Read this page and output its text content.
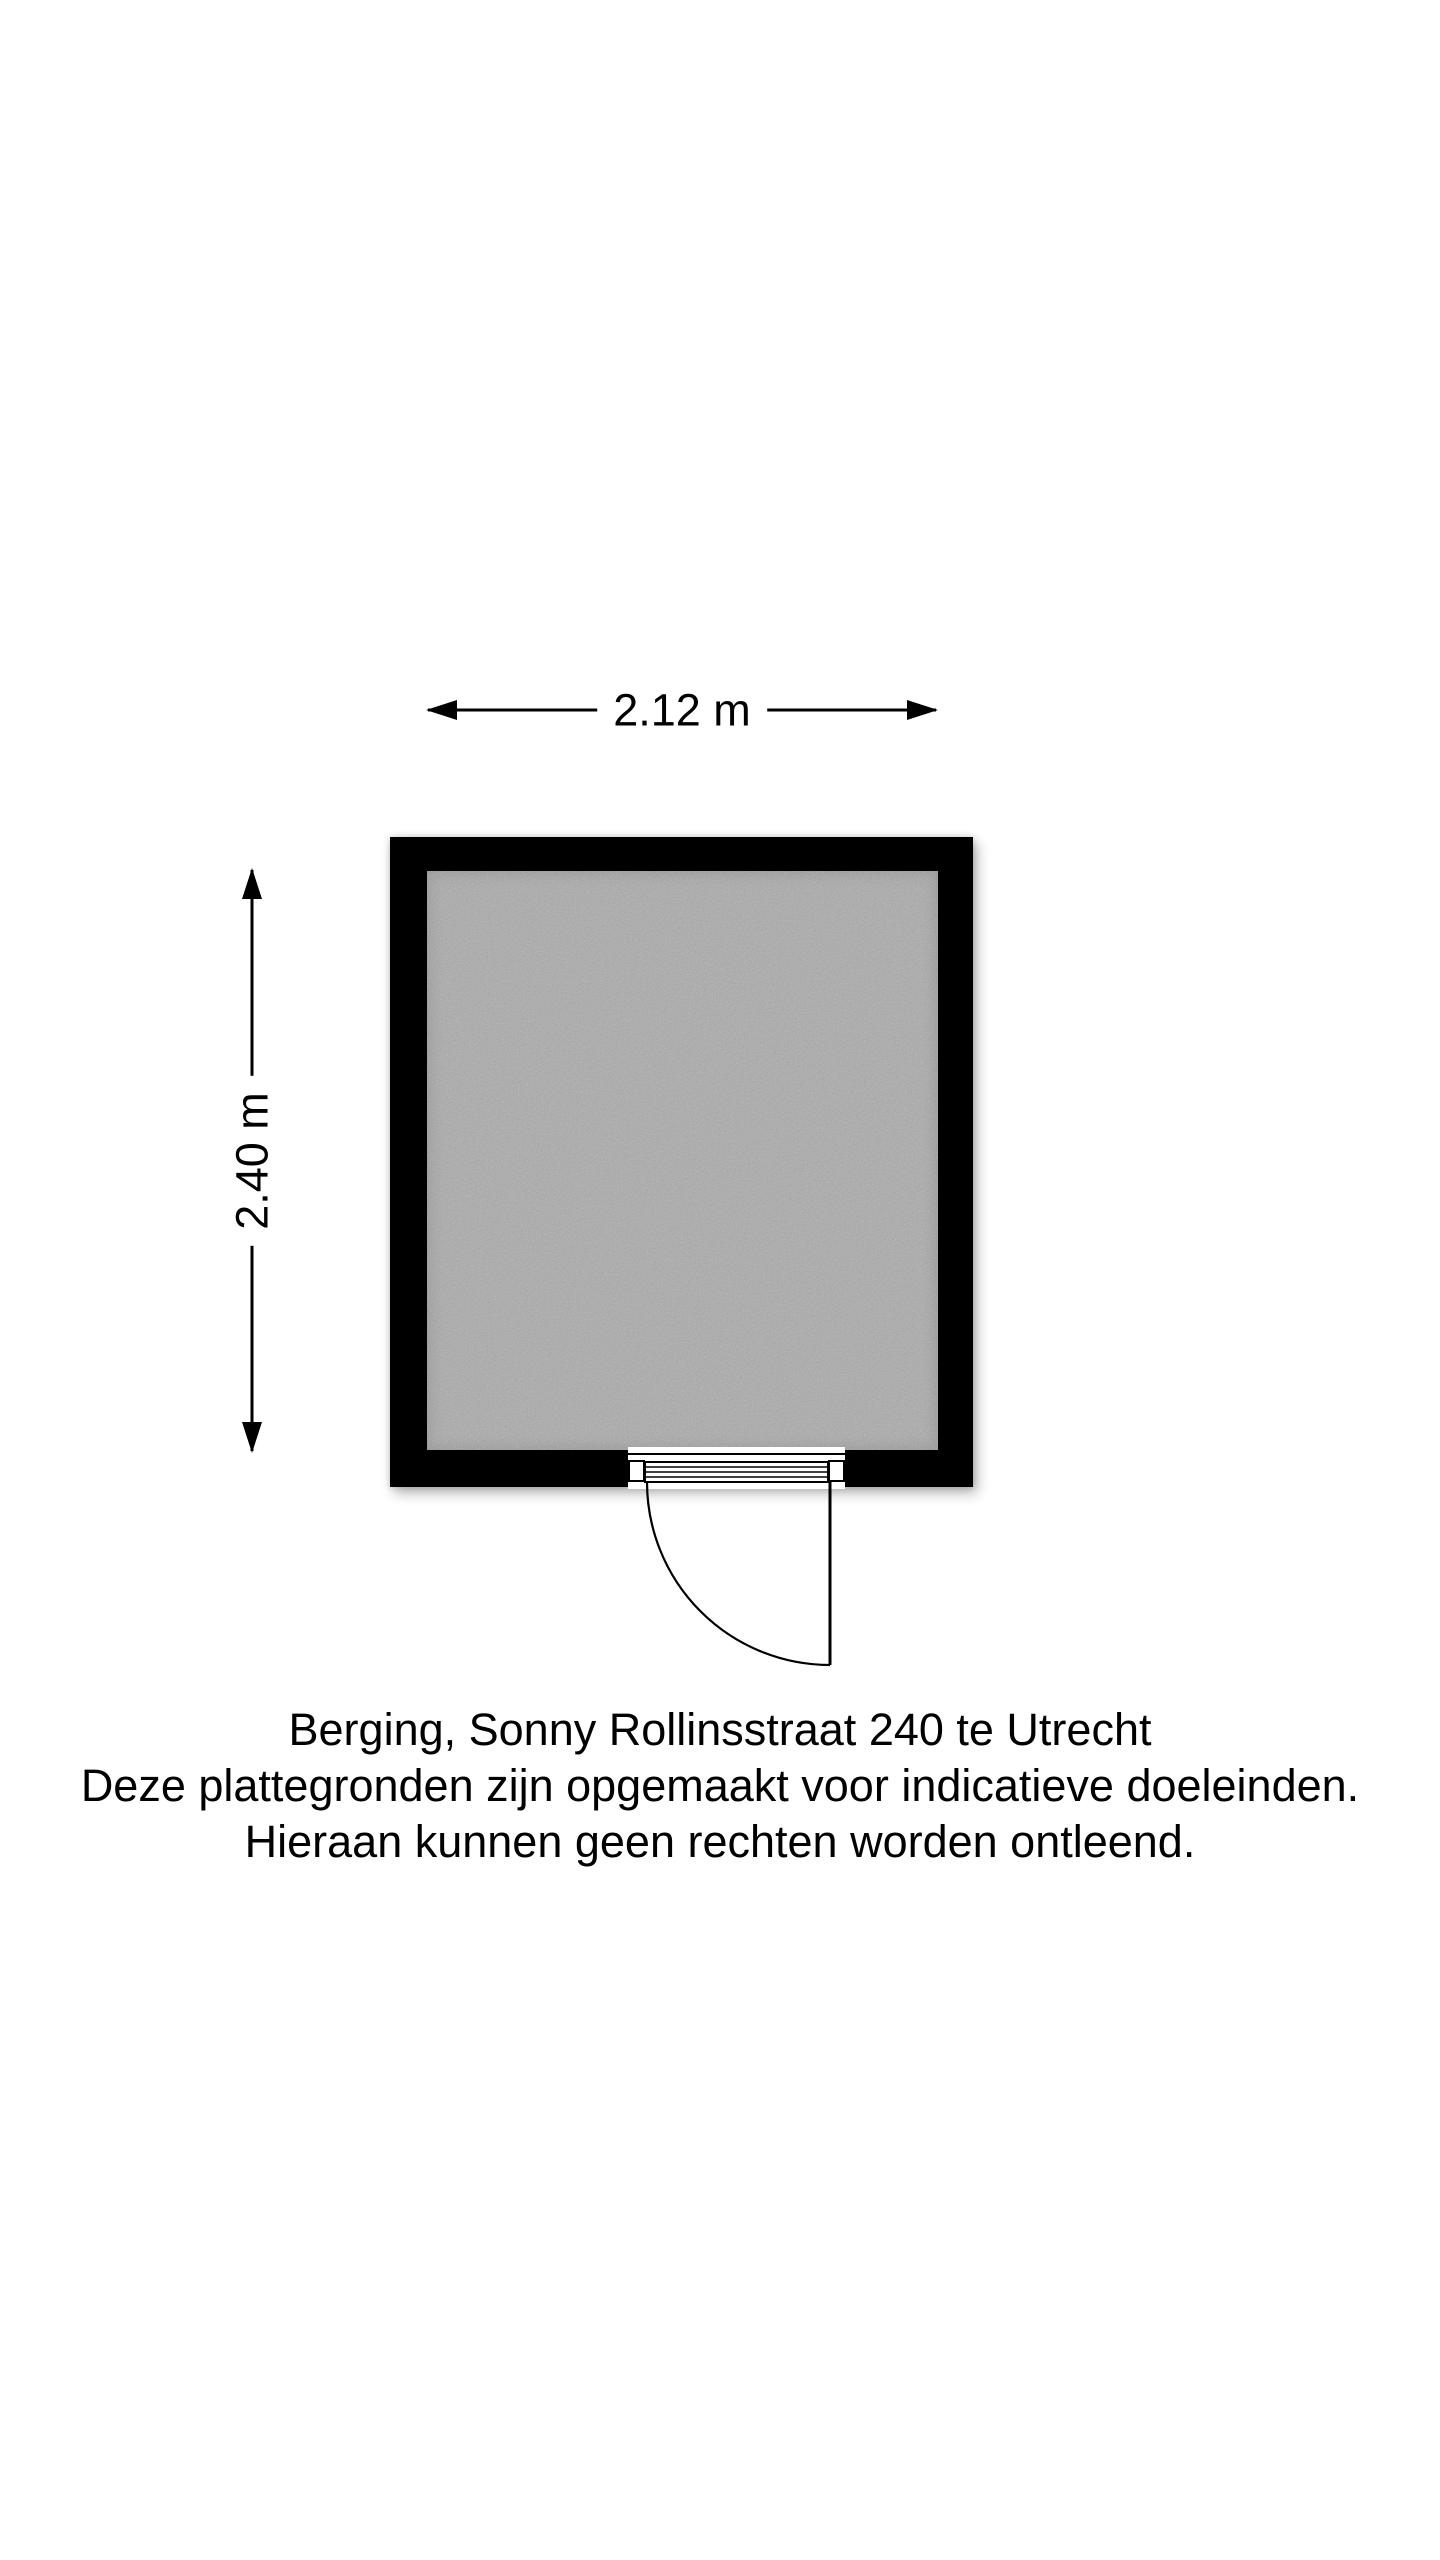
2.12 m
2.40 m
Berging, Sonny Rollinsstraat 240 te Utrecht
Deze plattegronden zijn opgemaakt voor indicatieve doeleinden.
Hieraan kunnen geen rechten worden ontleend.
